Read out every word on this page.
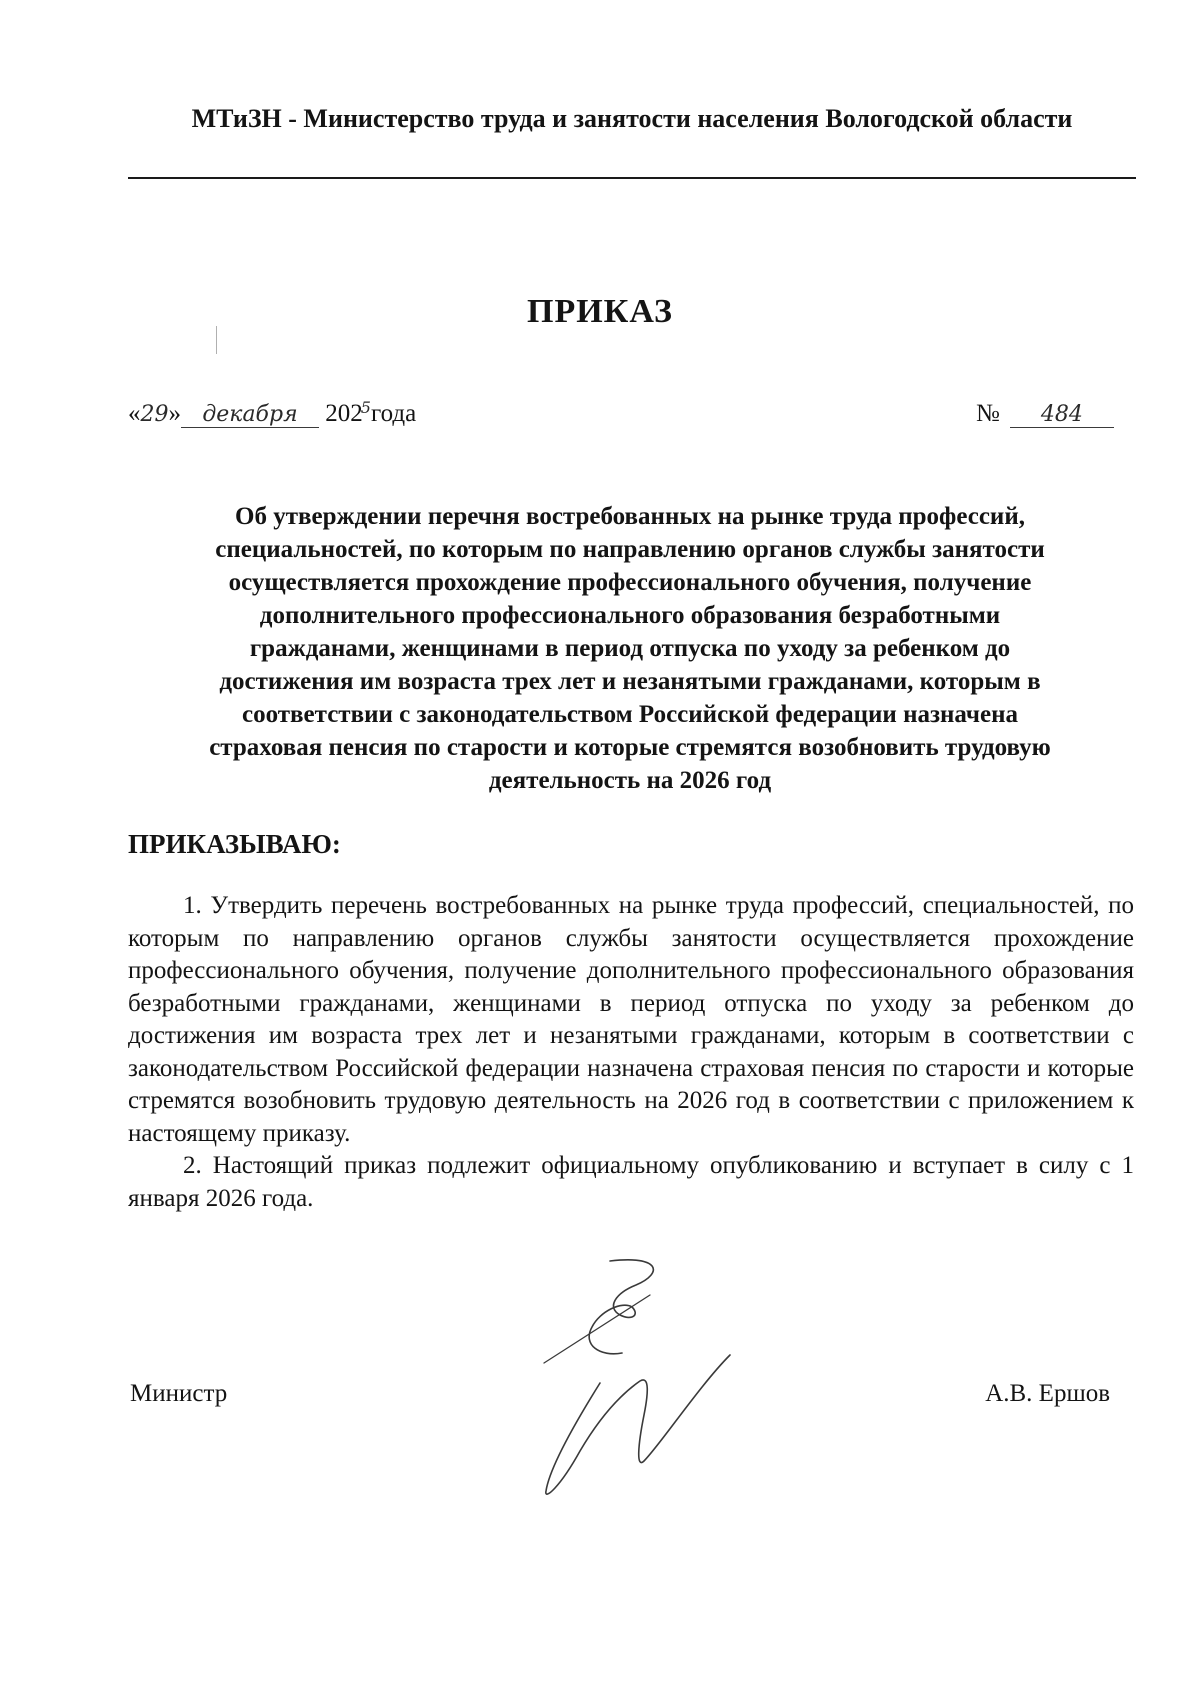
МТиЗН - Министерство труда и занятости населения Вологодской области
ПРИКАЗ
«29» декабря $202^5года$	№ 484
Об утверждении перечня востребованных на рынке труда профессий,
специальностей, по которым по направлению органов службы занятости
осуществляется прохождение профессионального обучения, получение
дополнительного профессионального образования безработными
гражданами, женщинами в период отпуска по уходу за ребенком до
достижения им возраста трех лет и незанятыми гражданами, которым в
соответствии с законодательством Российской федерации назначена
страховая пенсия по старости и которые стремятся возобновить трудовую
деятельность на 2026 год
ПРИКАЗЫВАЮ:

1. Утвердить перечень востребованных на рынке труда профессий, специальностей, по которым по направлению органов службы занятости осуществляется прохождение профессионального обучения, получение дополнительного профессионального образования безработными гражданами, женщинами в период отпуска по уходу за ребенком до достижения им возраста трех лет и незанятыми гражданами, которым в соответствии с законодательством Российской федерации назначена страховая пенсия по старости и которые стремятся возобновить трудовую деятельность на 2026 год в соответствии с приложением к настоящему приказу.

2. Настоящий приказ подлежит официальному опубликованию и вступает в силу с 1 января 2026 года.

Министр	А.В. Ершов
